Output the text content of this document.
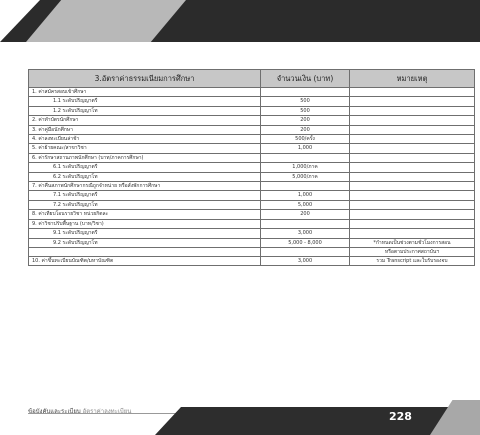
3.อัตราค่าธรรมเนียมการศึกษา	จำนวนเงิน (บาท)	หมายเหตุ
1. ค่าสมัครสอบเข้าศึกษา		
1.1 ระดับปริญญาตรี	500	
1.2 ระดับปริญญาโท	500	
2. ค่าทำบัตรนักศึกษา	200	
3. ค่าคู่มือนักศึกษา	200	
4. ค่าลงทะเบียนล่าช้า	500/ครั้ง	
5. ค่าย้ายคณะ/สาขาวิชา	1,000	
6. ค่ารักษาสถานภาพนักศึกษา (บาท/ภาคการศึกษา)		
6.1 ระดับปริญญาตรี	1,000/ภาค	
6.2 ระดับปริญญาโท	5,000/ภาค	
7. ค่าคืนสภาพนักศึกษากรณีถูกจำหน่าย หรือสั่งพักการศึกษา		
7.1 ระดับปริญญาตรี	1,000	
7.2 ระดับปริญญาโท	5,000	
8. ค่าเทียบโอนรายวิชา หน่วยกิตละ	200	
9. ค่าวิชาปรับพื้นฐาน (บาท/วิชา)		
9.1 ระดับปริญญาตรี	3,000	
9.2 ระดับปริญญาโท	5,000 - 8,000	*กำหนดเป็นช่วงตามชั่วโมงการสอน
		หรือตามประกาศสถาบันฯ
10. ค่าขึ้นทะเบียนบัณฑิต/มหาบัณฑิต	3,000	รวม Transcript และใบรับรองจบ
ข้อบังคับและระเบียบ อัตราค่าลงทะเบียน	228
